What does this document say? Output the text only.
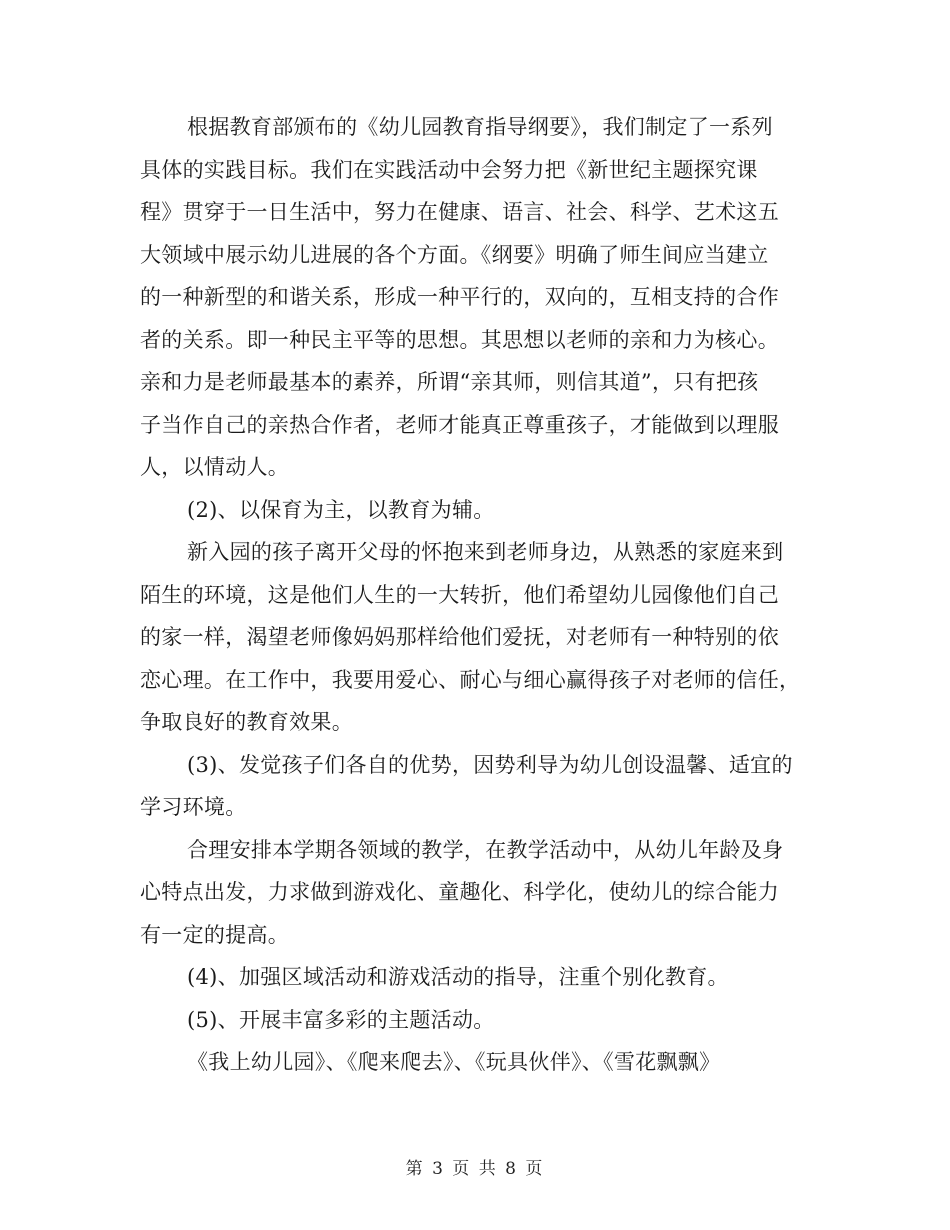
根据教育部颁布的《幼儿园教育指导纲要》，我们制定了一系列
具体的实践目标。我们在实践活动中会努力把《新世纪主题探究课
程》贯穿于一日生活中，努力在健康、语言、社会、科学、艺术这五
大领域中展示幼儿进展的各个方面。《纲要》明确了师生间应当建立
的一种新型的和谐关系，形成一种平行的，双向的，互相支持的合作
者的关系。即一种民主平等的思想。其思想以老师的亲和力为核心。
亲和力是老师最基本的素养，所谓“亲其师，则信其道”，只有把孩
子当作自己的亲热合作者，老师才能真正尊重孩子，才能做到以理服
人，以情动人。
(2)、以保育为主，以教育为辅。
新入园的孩子离开父母的怀抱来到老师身边，从熟悉的家庭来到
陌生的环境，这是他们人生的一大转折，他们希望幼儿园像他们自己
的家一样，渴望老师像妈妈那样给他们爱抚，对老师有一种特别的依
恋心理。在工作中，我要用爱心、耐心与细心赢得孩子对老师的信任，
争取良好的教育效果。
(3)、发觉孩子们各自的优势，因势利导为幼儿创设温馨、适宜的
学习环境。
合理安排本学期各领域的教学，在教学活动中，从幼儿年龄及身
心特点出发，力求做到游戏化、童趣化、科学化，使幼儿的综合能力
有一定的提高。
(4)、加强区域活动和游戏活动的指导，注重个别化教育。
(5)、开展丰富多彩的主题活动。
《我上幼儿园》、《爬来爬去》、《玩具伙伴》、《雪花飘飘》
第 3 页 共 8 页
